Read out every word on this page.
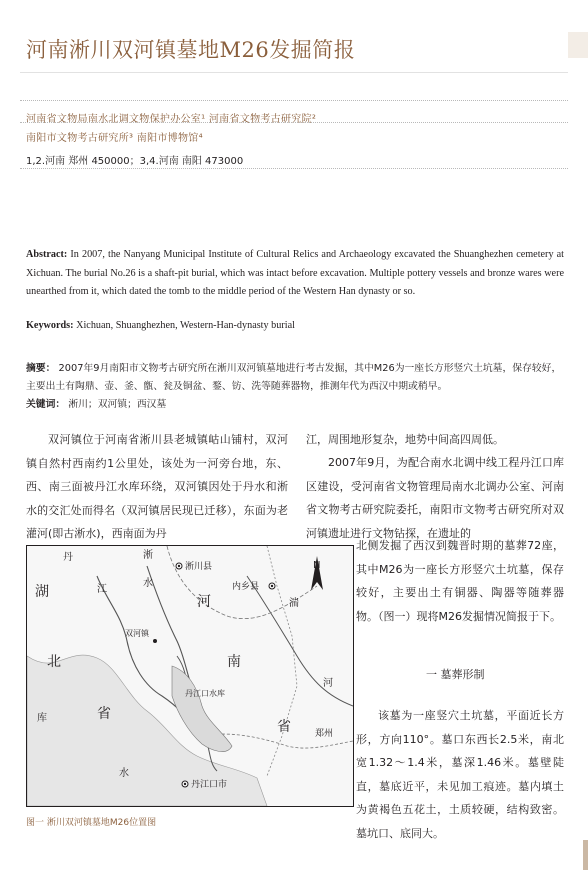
河南淅川双河镇墓地M26发掘简报
河南省文物局南水北调文物保护办公室¹ 河南省文物考古研究院²
南阳市文物考古研究所³ 南阳市博物馆⁴
1,2.河南 郑州 450000；3,4.河南 南阳 473000
Abstract: In 2007, the Nanyang Municipal Institute of Cultural Relics and Archaeology excavated the Shuanghezhen cemetery at Xichuan. The burial No.26 is a shaft-pit burial, which was intact before excavation. Multiple pottery vessels and bronze wares were unearthed from it, which dated the tomb to the middle period of the Western Han dynasty or so.
Keywords: Xichuan, Shuanghezhen, Western-Han-dynasty burial
摘要： 2007年9月南阳市文物考古研究所在淅川双河镇墓地进行考古发掘，其中M26为一座长方形竖穴土坑墓，保存较好，主要出土有陶鼎、壶、釜、甑、瓮及铜盆、鍪、钫、洗等随葬器物，推测年代为西汉中期或稍早。
关键词： 淅川；双河镇；西汉墓
双河镇位于河南省淅川县老城镇岵山铺村，双河镇自然村西南约1公里处，该处为一河旁台地，东、西、南三面被丹江水库环绕，双河镇因处于丹水和淅水的交汇处而得名（双河镇居民现已迁移），东面为老灌河(即古淅水)，西南面为丹
江，周围地形复杂，地势中间高四周低。
2007年9月，为配合南水北调中线工程丹江口库区建设，受河南省文物管理局南水北调办公室、河南省文物考古研究院委托，南阳市文物考古研究所对双河镇遗址进行文物钻探，在遗址的
北侧发掘了西汉到魏晋时期的墓葬72座，其中M26为一座长方形竖穴土坑墓，保存较好，主要出土有铜器、陶器等随葬器物。（图一）现将M26发掘情况简报于下。
一 墓葬形制
该墓为一座竖穴土坑墓，平面近长方形，方向110°。墓口东西长2.5米，南北宽1.32～1.4米，墓深1.46米。墓壁陡直，墓底近平，未见加工痕迹。墓内填土为黄褐色五花土，土质较硬，结构致密。墓坑口、底同大。
N
湖
北
省
河
南
省
淅川县
内乡县
丹江口市
丹
江
淅
水
库
水
河
湍
郑州
双河镇
丹江口水库
图一 淅川双河镇墓地M26位置图
